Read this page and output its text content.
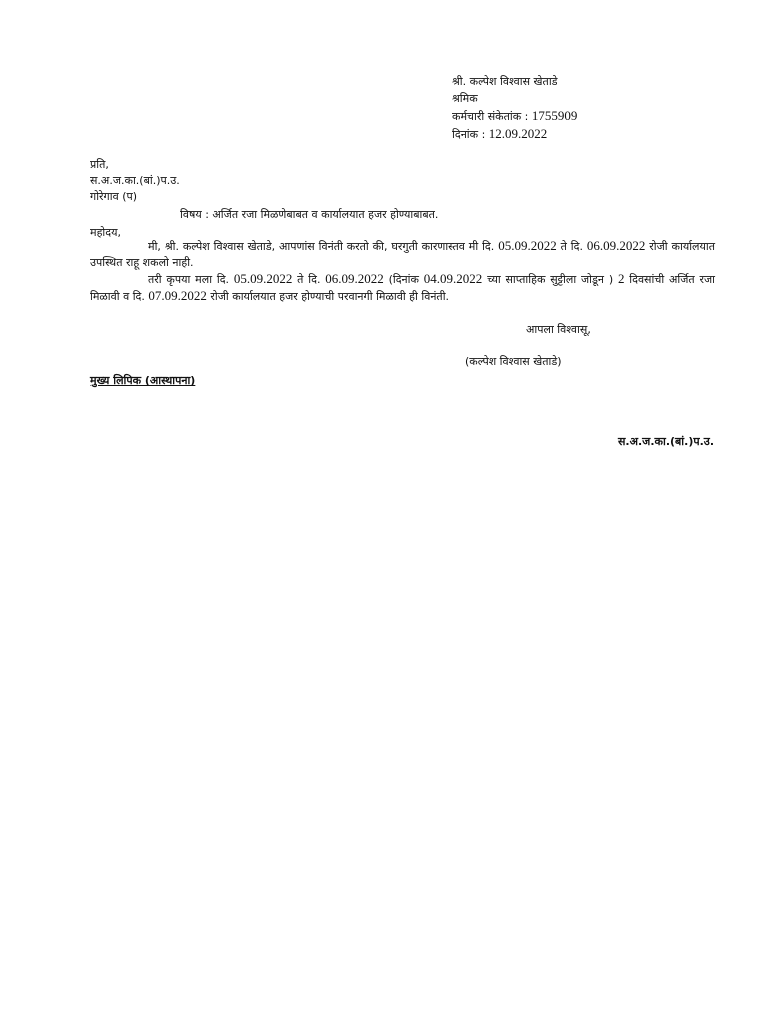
श्री. कल्पेश विश्वास खेताडे
श्रमिक
कर्मचारी संकेतांक : 1755909
दिनांक : 12.09.2022
प्रति,
स.अ.ज.का.(बां.)प.उ.
गोरेगाव (प)
विषय : अर्जित रजा मिळणेबाबत व कार्यालयात हजर होण्याबाबत.
महोदय,

मी, श्री. कल्पेश विश्वास खेताडे, आपणांस विनंती करतो की, घरगुती कारणास्तव मी दि. 05.09.2022 ते दि. 06.09.2022 रोजी कार्यालयात उपस्थित राहू शकलो नाही.

तरी कृपया मला दि. 05.09.2022 ते दि. 06.09.2022 (दिनांक 04.09.2022 च्या साप्ताहिक सुट्टीला जोडून ) 2 दिवसांची अर्जित रजा मिळावी व दि. 07.09.2022 रोजी कार्यालयात हजर होण्याची परवानगी मिळावी ही विनंती.

आपला विश्वासू,
(कल्पेश विश्वास खेताडे)
मुख्य लिपिक (आस्थापना)
स.अ.ज.का.(बां.)प.उ.
